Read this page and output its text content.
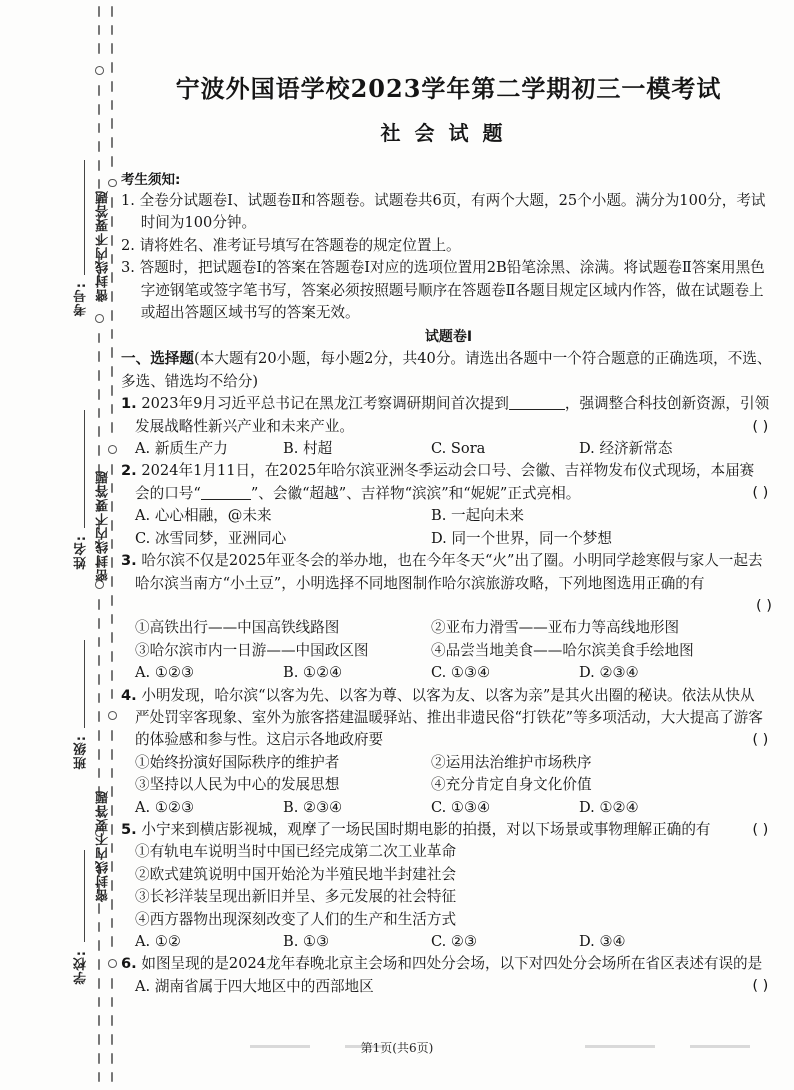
密封线内不要答题
密封线内不要答题
密封线内不要答题
考号:
姓名:
班级:
学校:
宁波外国语学校2023学年第二学期初三一模考试
社会试题
考生须知:
1. 全卷分试题卷Ⅰ、试题卷Ⅱ和答题卷。试题卷共6页，有两个大题，25个小题。满分为100分，考试时间为100分钟。
2. 请将姓名、准考证号填写在答题卷的规定位置上。
3. 答题时，把试题卷Ⅰ的答案在答题卷Ⅰ对应的选项位置用2B铅笔涂黑、涂满。将试题卷Ⅱ答案用黑色字迹钢笔或签字笔书写，答案必须按照题号顺序在答题卷Ⅱ各题目规定区域内作答，做在试题卷上或超出答题区域书写的答案无效。
试题卷Ⅰ
一、选择题(本大题有20小题，每小题2分，共40分。请选出各题中一个符合题意的正确选项，不选、多选、错选均不给分)
1. 2023年9月习近平总书记在黑龙江考察调研期间首次提到	，强调整合科技创新资源，引领发展战略性新兴产业和未来产业。	( )
A. 新质生产力	B. 村超	C. Sora	D. 经济新常态
( )
2. 2024年1月11日，在2025年哈尔滨亚洲冬季运动会口号、会徽、吉祥物发布仪式现场，本届赛会的口号“	”、会徽“超越”、吉祥物“滨滨”和“妮妮”正式亮相。
A. 心心相融，@未来	B. 一起向未来
C. 冰雪同梦，亚洲同心	D. 同一个世界，同一个梦想
3. 哈尔滨不仅是2025年亚冬会的举办地，也在今年冬天“火”出了圈。小明同学趁寒假与家人一起去哈尔滨当南方“小土豆”，小明选择不同地图制作哈尔滨旅游攻略，下列地图选用正确的有
( )
①高铁出行——中国高铁线路图	②亚布力滑雪——亚布力等高线地形图
③哈尔滨市内一日游——中国政区图	④品尝当地美食——哈尔滨美食手绘地图
A. ①②③	B. ①②④	C. ①③④	D. ②③④
( )
4. 小明发现，哈尔滨“以客为先、以客为尊、以客为友、以客为亲”是其火出圈的秘诀。依法从快从严处罚宰客现象、室外为旅客搭建温暖驿站、推出非遗民俗“打铁花”等多项活动，大大提高了游客的体验感和参与性。这启示各地政府要
①始终扮演好国际秩序的维护者	②运用法治维护市场秩序
③坚持以人民为中心的发展思想	④充分肯定自身文化价值
A. ①②③	B. ②③④	C. ①③④	D. ①②④
( )
5. 小宁来到横店影视城，观摩了一场民国时期电影的拍摄，对以下场景或事物理解正确的有
①有轨电车说明当时中国已经完成第二次工业革命
②欧式建筑说明中国开始沦为半殖民地半封建社会
③长衫洋装呈现出新旧并呈、多元发展的社会特征
④西方器物出现深刻改变了人们的生产和生活方式
A. ①②	B. ①③	C. ②③	D. ③④
( )
6. 如图呈现的是2024龙年春晚北京主会场和四处分会场，以下对四处分会场所在省区表述有误的是
A. 湖南省属于四大地区中的西部地区
第1页(共6页)
